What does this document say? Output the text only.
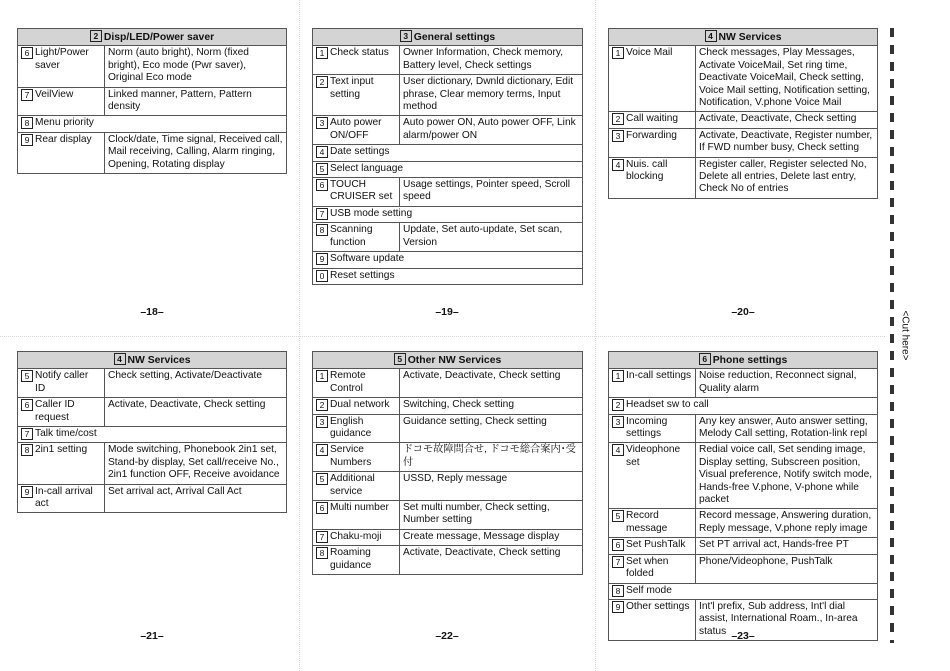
2 Disp/LED/Power saver	

6 Light/Power saver	Norm (auto bright), Norm (fixed bright), Eco mode (Pwr saver), Original Eco mode

7 VeilView	Linked manner, Pattern, Pattern density

8 Menu priority	

9 Rear display	Clock/date, Time signal, Received call, Mail receiving, Calling, Alarm ringing, Opening, Rotating display
–18–
3 General settings	

1 Check status	Owner Information, Check memory, Battery level, Check settings

2 Text input setting	User dictionary, Dwnld dictionary, Edit phrase, Clear memory terms, Input method

3 Auto power ON/OFF	Auto power ON, Auto power OFF, Link alarm/power ON

4 Date settings	

5 Select language	

6 TOUCH CRUISER set	Usage settings, Pointer speed, Scroll speed

7 USB mode setting	

8 Scanning function	Update, Set auto-update, Set scan, Version

9 Software update	

0 Reset settings	
–19–
4 NW Services	

1 Voice Mail	Check messages, Play Messages, Activate VoiceMail, Set ring time, Deactivate VoiceMail, Check setting, Voice Mail setting, Notification setting, Notification, V.phone Voice Mail

2 Call waiting	Activate, Deactivate, Check setting

3 Forwarding	Activate, Deactivate, Register number, If FWD number busy, Check setting

4 Nuis. call blocking	Register caller, Register selected No, Delete all entries, Delete last entry, Check No of entries
–20–
4 NW Services	

5 Notify caller ID	Check setting, Activate/Deactivate

6 Caller ID request	Activate, Deactivate, Check setting

7 Talk time/cost	

8 2in1 setting	Mode switching, Phonebook 2in1 set, Stand-by display, Set call/receive No., 2in1 function OFF, Receive avoidance

9 In-call arrival act	Set arrival act, Arrival Call Act
–21–
5 Other NW Services	

1 Remote Control	Activate, Deactivate, Check setting

2 Dual network	Switching, Check setting

3 English guidance	Guidance setting, Check setting

4 Service Numbers	ドコモ故障問合せ, ドコモ総合案内･受付

5 Additional service	USSD, Reply message

6 Multi number	Set multi number, Check setting, Number setting

7 Chaku-moji	Create message, Message display

8 Roaming guidance	Activate, Deactivate, Check setting
–22–
6 Phone settings	

1 In-call settings	Noise reduction, Reconnect signal, Quality alarm

2 Headset sw to call	

3 Incoming settings	Any key answer, Auto answer setting, Melody Call setting, Rotation-link repl

4 Videophone set	Redial voice call, Set sending image, Display setting, Subscreen position, Visual preference, Notify switch mode, Hands-free V.phone, V-phone while packet

5 Record message	Record message, Answering duration, Reply message, V.phone reply image

6 Set PushTalk	Set PT arrival act, Hands-free PT

7 Set when folded	Phone/Videophone, PushTalk

8 Self mode	

9 Other settings	Int'l prefix, Sub address, Int'l dial assist, International Roam., In-area status –23–
<Cut here>
